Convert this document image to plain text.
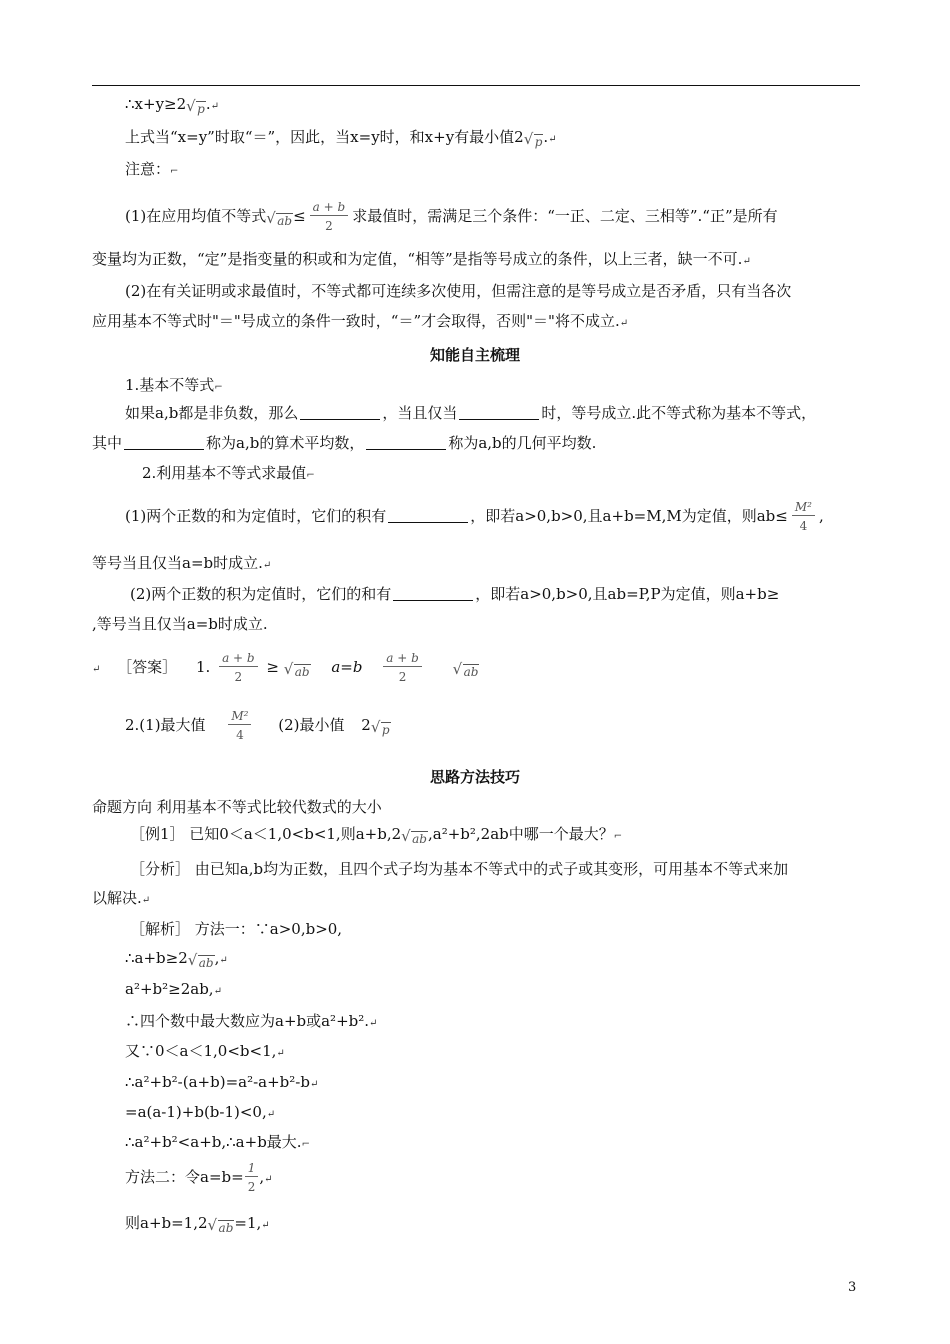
∴x+y≥2 √ p.↵
上式当“x=y”时取“＝”，因此，当x=y时，和x+y有最小值2 √ p.↵
注意：⌐
(1)在应用均值不等式 √ $ab\le \frac{a + b}{2}$ 求最值时，需满足三个条件：“一正、二定、三相等”.“正”是所有
变量均为正数，“定”是指变量的积或和为定值，“相等”是指等号成立的条件，以上三者，缺一不可.↵
(2)在有关证明或求最值时，不等式都可连续多次使用，但需注意的是等号成立是否矛盾，只有当各次
应用基本不等式时"＝"号成立的条件一致时，“＝”才会取得，否则"＝"将不成立.↵
知能自主梳理
1.基本不等式⌐
如果a,b都是非负数，那么	，当且仅当	时，等号成立.此不等式称为基本不等式，
其中	称为a,b的算术平均数，	称为a,b的几何平均数.
2.利用基本不等式求最值⌐
(1)两个正数的和为定值时，它们的积有	，即若a>0,b>0,且a+b=M,M为定值，则$ab\le \frac{\text{M²}}{4}$ ,
等号当且仅当a=b时成立.↵
(2)两个正数的积为定值时，它们的和有	，即若a>0,b>0,且ab=P,P为定值，则a+b≥
,等号当且仅当a=b时成立.
↵ ［答案］ 1. $\frac{a + b}{2}$ ≥ √ ab $a=b \frac{a + b}{2}$	√ ab
2.(1)最大值 $\frac{\text{M²}}{4} (2)$最小值 2 √ p
思路方法技巧
命题方向 利用基本不等式比较代数式的大小
［例1］ 已知0＜a＜1,0<b<1,则a+b,2 √ ab,a²+b²,2ab中哪一个最大？⌐
［分析］ 由已知a,b均为正数，且四个式子均为基本不等式中的式子或其变形，可用基本不等式来加
以解决.↵
［解析］ 方法一：∵a>0,b>0,
∴a+b≥2 √ ab,↵
a²+b²≥2ab,↵
∴四个数中最大数应为a+b或a²+b².↵
又∵0＜a＜1,0<b<1,↵
∴a²+b²-(a+b)=a²-a+b²-b↵
=a(a-1)+b(b-1)<0,↵
∴a²+b²<a+b,∴a+b最大.⌐
方法二：令$a=b= \frac{1}{2}$ ,↵
则a+b=1,2 √ ab=1,↵
3
